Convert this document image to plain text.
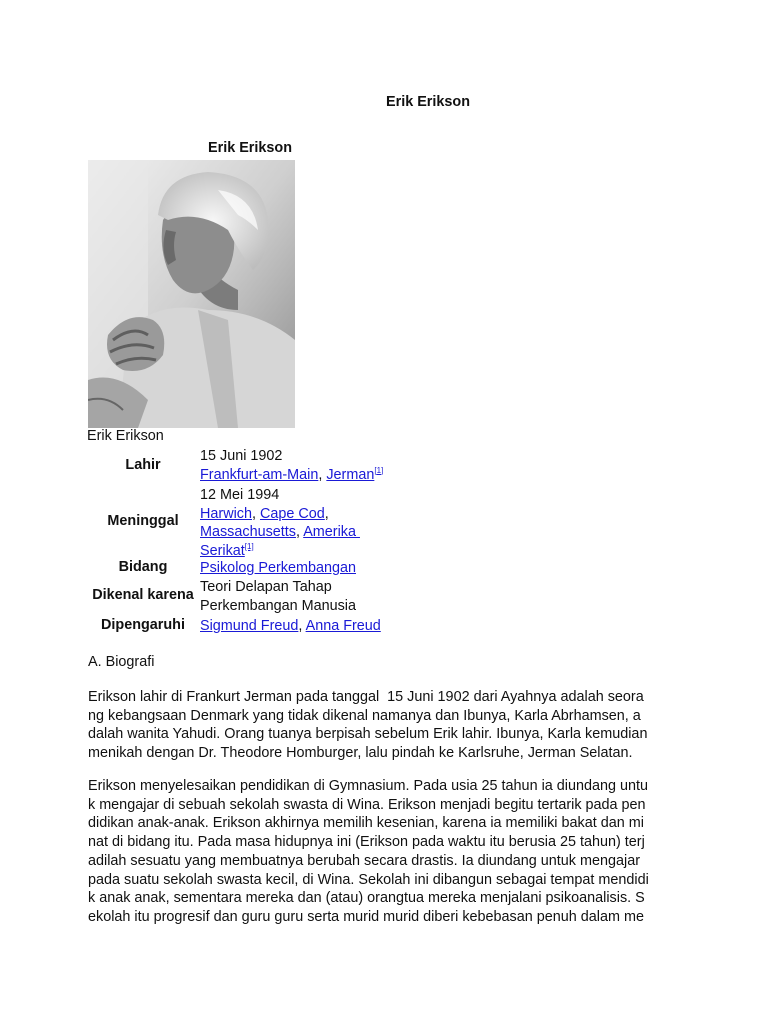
Erik Erikson
Erik Erikson
Erik Erikson
Lahir
15 Juni 1902
Frankfurt-am-Main, Jerman[1]
Meninggal
12 Mei 1994
Harwich, Cape Cod,
Massachusetts, Amerika
Serikat[1]
Bidang	Psikolog Perkembangan
Dikenal karena Teori Delapan Tahap
Perkembangan Manusia
Dipengaruhi	Sigmund Freud, Anna Freud
A. Biografi
Erikson lahir di Frankurt Jerman pada tanggal  15 Juni 1902 dari Ayahnya adalah seora
ng kebangsaan Denmark yang tidak dikenal namanya dan Ibunya, Karla Abrhamsen, a
dalah wanita Yahudi. Orang tuanya berpisah sebelum Erik lahir. Ibunya, Karla kemudian
menikah dengan Dr. Theodore Homburger, lalu pindah ke Karlsruhe, Jerman Selatan.
Erikson menyelesaikan pendidikan di Gymnasium. Pada usia 25 tahun ia diundang untu
k mengajar di sebuah sekolah swasta di Wina. Erikson menjadi begitu tertarik pada pen
didikan anak-anak. Erikson akhirnya memilih kesenian, karena ia memiliki bakat dan mi
nat di bidang itu. Pada masa hidupnya ini (Erikson pada waktu itu berusia 25 tahun) terj
adilah sesuatu yang membuatnya berubah secara drastis. Ia diundang untuk mengajar
pada suatu sekolah swasta kecil, di Wina. Sekolah ini dibangun sebagai tempat mendidi
k anak anak, sementara mereka dan (atau) orangtua mereka menjalani psikoanalisis. S
ekolah itu progresif dan guru guru serta murid murid diberi kebebasan penuh dalam me
